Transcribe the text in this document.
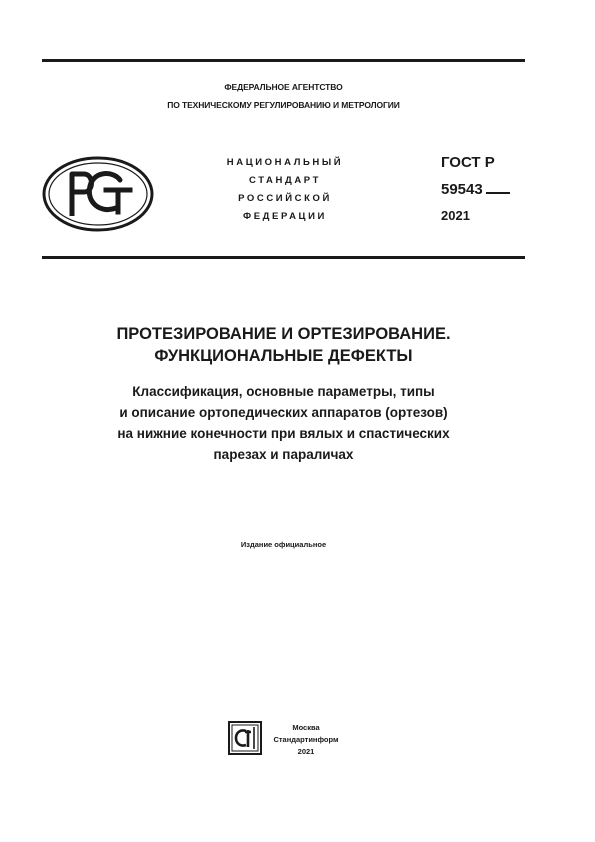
ФЕДЕРАЛЬНОЕ АГЕНТСТВО
ПО ТЕХНИЧЕСКОМУ РЕГУЛИРОВАНИЮ И МЕТРОЛОГИИ
НАЦИОНАЛЬНЫЙ
СТАНДАРТ
РОССИЙСКОЙ
ФЕДЕРАЦИИ
ГОСТ Р
59543
2021
ПРОТЕЗИРОВАНИЕ И ОРТЕЗИРОВАНИЕ.
ФУНКЦИОНАЛЬНЫЕ ДЕФЕКТЫ
Классификация, основные параметры, типы
и описание ортопедических аппаратов (ортезов)
на нижние конечности при вялых и спастических
парезах и параличах
Издание официальное
Москва
Стандартинформ
2021
